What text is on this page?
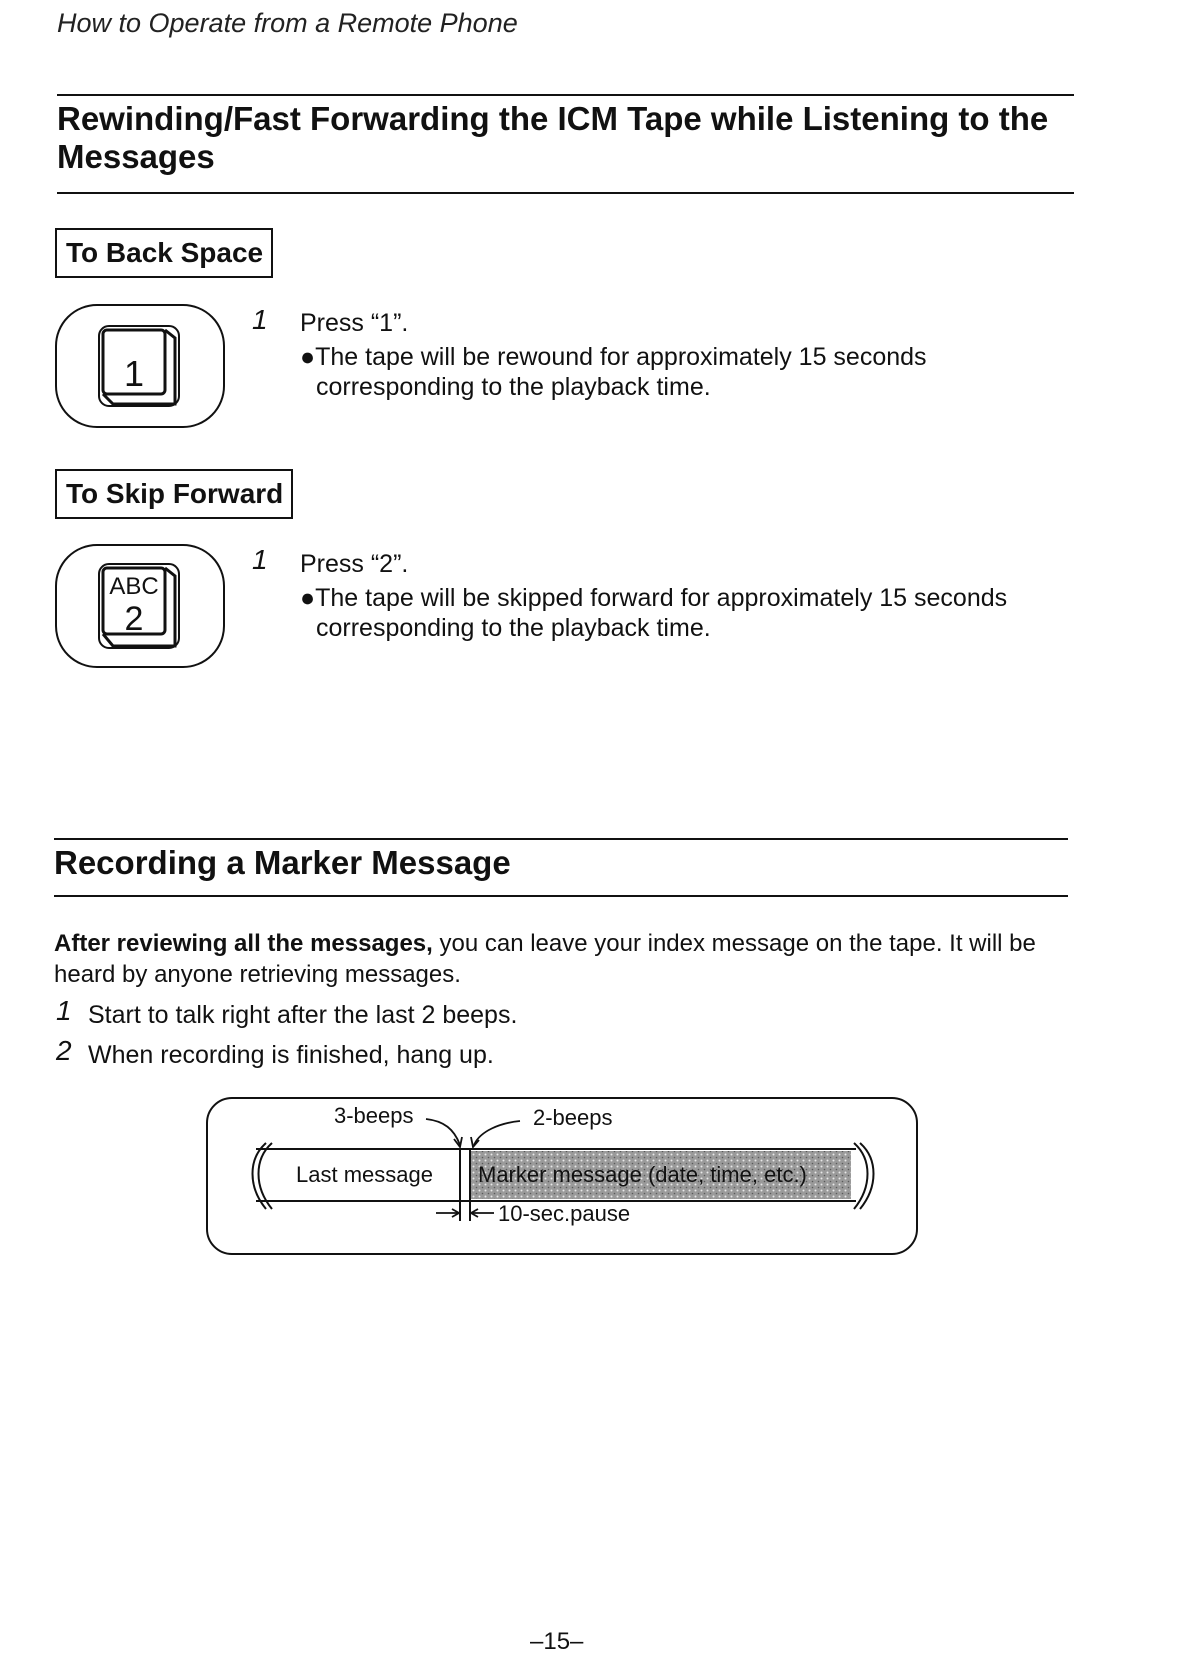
How to Operate from a Remote Phone
Rewinding/Fast Forwarding the ICM Tape while Listening to the Messages
To Back Space
1
1 Press “1”.
●The tape will be rewound for approximately 15 seconds corresponding to the playback time.
To Skip Forward
ABC
2
1 Press “2”.
●The tape will be skipped forward for approximately 15 seconds corresponding to the playback time.
Recording a Marker Message
After reviewing all the messages, you can leave your index message on the tape. It will be heard by anyone retrieving messages.
1 Start to talk right after the last 2 beeps.
2 When recording is finished, hang up.
3-beeps	2-beeps
Last message Marker message (date, time, etc.)
10-sec.pause
–15–
